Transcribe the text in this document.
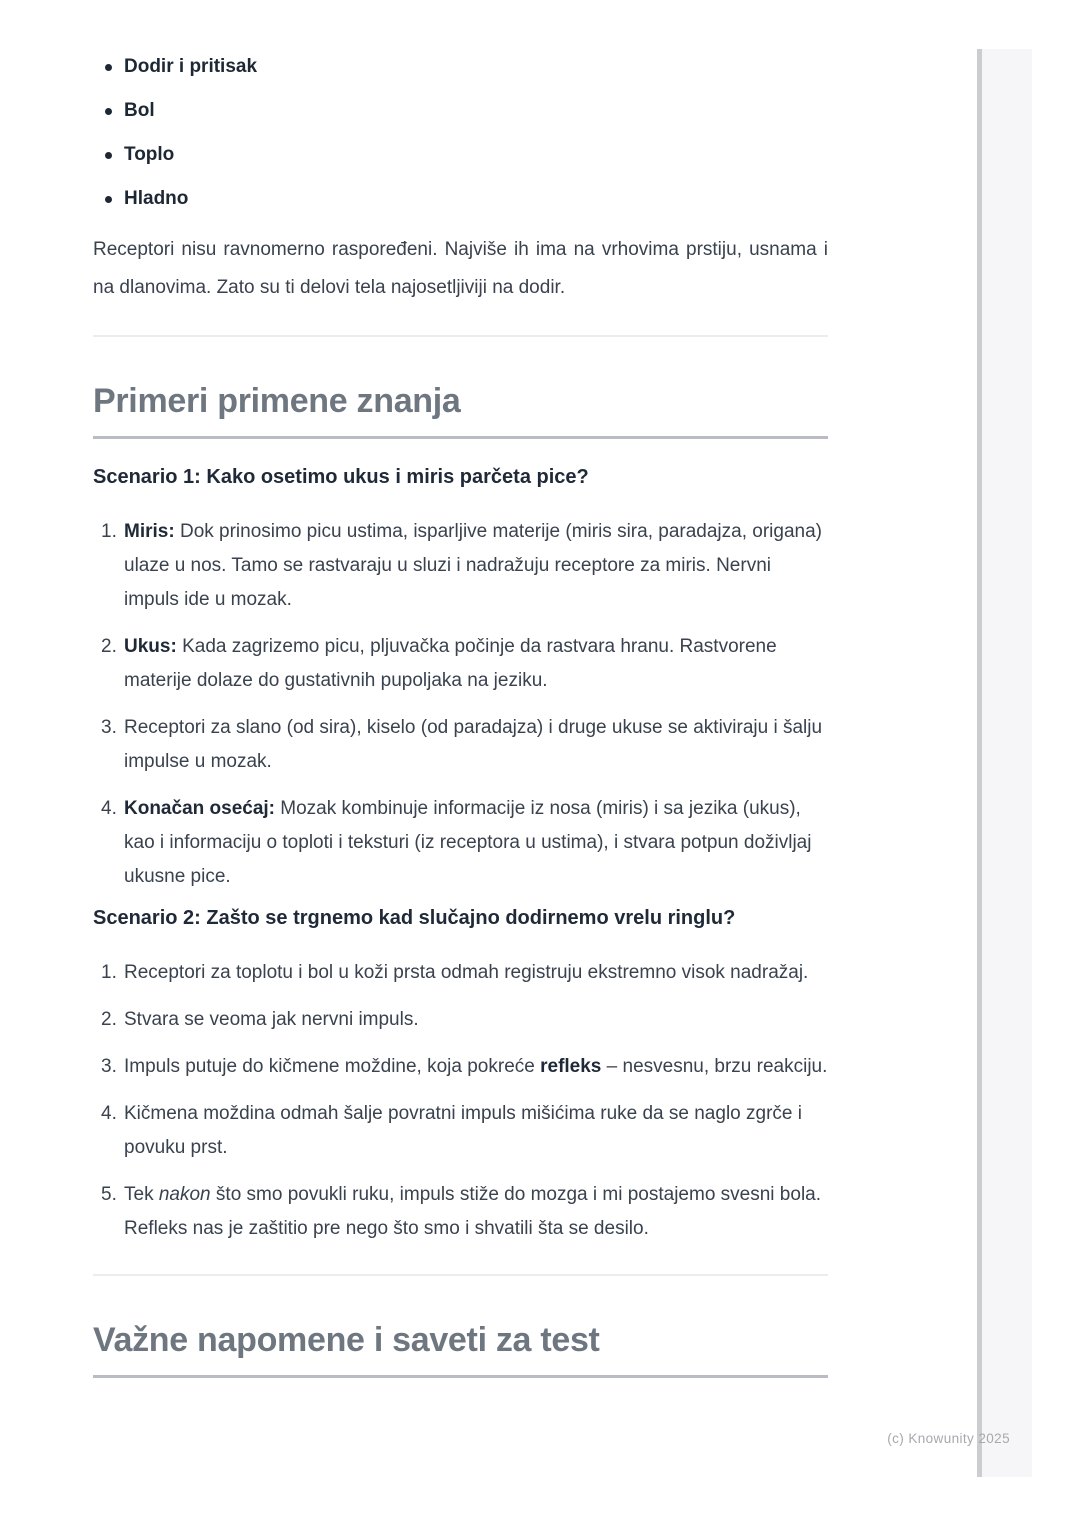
Dodir i pritisak
Bol
Toplo
Hladno

Receptori nisu ravnomerno raspoređeni. Najviše ih ima na vrhovima prstiju, usnama i na dlanovima. Zato su ti delovi tela najosetljiviji na dodir.

Primeri primene znanja
Scenario 1: Kako osetimo ukus i miris parčeta pice?
1. Miris: Dok prinosimo picu ustima, isparljive materije (miris sira, paradajza, origana) ulaze u nos. Tamo se rastvaraju u sluzi i nadražuju receptore za miris. Nervni impuls ide u mozak.
2. Ukus: Kada zagrizemo picu, pljuvačka počinje da rastvara hranu. Rastvorene materije dolaze do gustativnih pupoljaka na jeziku.
3. Receptori za slano (od sira), kiselo (od paradajza) i druge ukuse se aktiviraju i šalju impulse u mozak.
4. Konačan osećaj: Mozak kombinuje informacije iz nosa (miris) i sa jezika (ukus), kao i informaciju o toploti i teksturi (iz receptora u ustima), i stvara potpun doživljaj ukusne pice.
Scenario 2: Zašto se trgnemo kad slučajno dodirnemo vrelu ringlu?
1. Receptori za toplotu i bol u koži prsta odmah registruju ekstremno visok nadražaj.
2. Stvara se veoma jak nervni impuls.
3. Impuls putuje do kičmene moždine, koja pokreće refleks – nesvesnu, brzu reakciju.
4. Kičmena moždina odmah šalje povratni impuls mišićima ruke da se naglo zgrče i povuku prst.
5. Tek nakon što smo povukli ruku, impuls stiže do mozga i mi postajemo svesni bola. Refleks nas je zaštitio pre nego što smo i shvatili šta se desilo.
Važne napomene i saveti za test
(c) Knowunity 2025
